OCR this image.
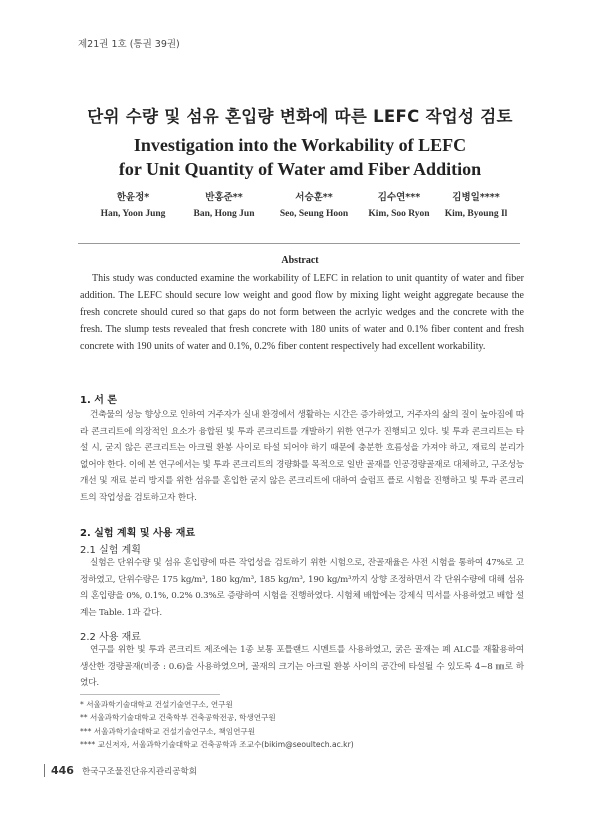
제21권 1호 (통권 39권)
단위 수량 및 섬유 혼입량 변화에 따른 LEFC 작업성 검토
Investigation into the Workability of LEFC
for Unit Quantity of Water amd Fiber Addition
한윤정*
Han, Yoon Jung
반홍준**
Ban, Hong Jun
서승훈**
Seo, Seung Hoon
김수연***
Kim, Soo Ryon
김병일****
Kim, Byoung Il
Abstract
This study was conducted examine the workability of LEFC in relation to unit quantity of water and fiber addition. The LEFC should secure low weight and good flow by mixing light weight aggregate because the fresh concrete should cured so that gaps do not form between the acrlyic wedges and the concrete with the fresh. The slump tests revealed that fresh concrete with 180 units of water and 0.1% fiber content and fresh concrete with 190 units of water and 0.1%, 0.2% fiber content respectively had excellent workability.
1. 서 론
건축물의 성능 향상으로 인하여 거주자가 실내 환경에서 생활하는 시간은 증가하였고, 거주자의 삶의 질이 높아짐에 따라 콘크리트에 의장적인 요소가 융합된 빛 투과 콘크리트를 개발하기 위한 연구가 진행되고 있다. 빛 투과 콘크리트는 타설 시, 굳지 않은 콘크리트는 아크릴 환봉 사이로 타설 되어야 하기 때문에 충분한 흐름성을 가져야 하고, 재료의 분리가 없어야 한다. 이에 본 연구에서는 빛 투과 콘크리트의 경량화를 목적으로 일반 골재를 인공경량골재로 대체하고, 구조성능 개선 및 재료 분리 방지를 위한 섬유를 혼입한 굳지 않은 콘크리트에 대하여 슬럼프 플로 시험을 진행하고 빛 투과 콘크리트의 작업성을 검토하고자 한다.
2. 실험 계획 및 사용 재료
2.1 실험 계획
실험은 단위수량 및 섬유 혼입량에 따른 작업성을 검토하기 위한 시험으로, 잔골재율은 사전 시험을 통하여 47%로 고정하였고, 단위수량은 175 kg/m³, 180 kg/m³, 185 kg/m³, 190 kg/m³까지 상향 조정하면서 각 단위수량에 대해 섬유의 혼입량을 0%, 0.1%, 0.2% 0.3%로 증량하여 시험을 진행하였다. 시험체 배합에는 강제식 믹서를 사용하였고 배합 설계는 Table. 1과 같다.
2.2 사용 재료
연구를 위한 빛 투과 콘크리트 제조에는 1종 보통 포틀랜드 시멘트를 사용하였고, 굵은 골재는 폐 ALC를 재활용하여 생산한 경량골재(비중 : 0.6)을 사용하였으며, 골재의 크기는 아크릴 환봉 사이의 공간에 타설될 수 있도록 4~8 ㎜로 하였다.
* 서울과학기술대학교 건설기술연구소, 연구원
** 서울과학기술대학교 건축학부 건축공학전공, 학생연구원
*** 서울과학기술대학교 건설기술연구소, 책임연구원
**** 교신저자, 서울과학기술대학교 건축공학과 조교수(bikim@seoultech.ac.kr)
446 한국구조물진단유지관리공학회
